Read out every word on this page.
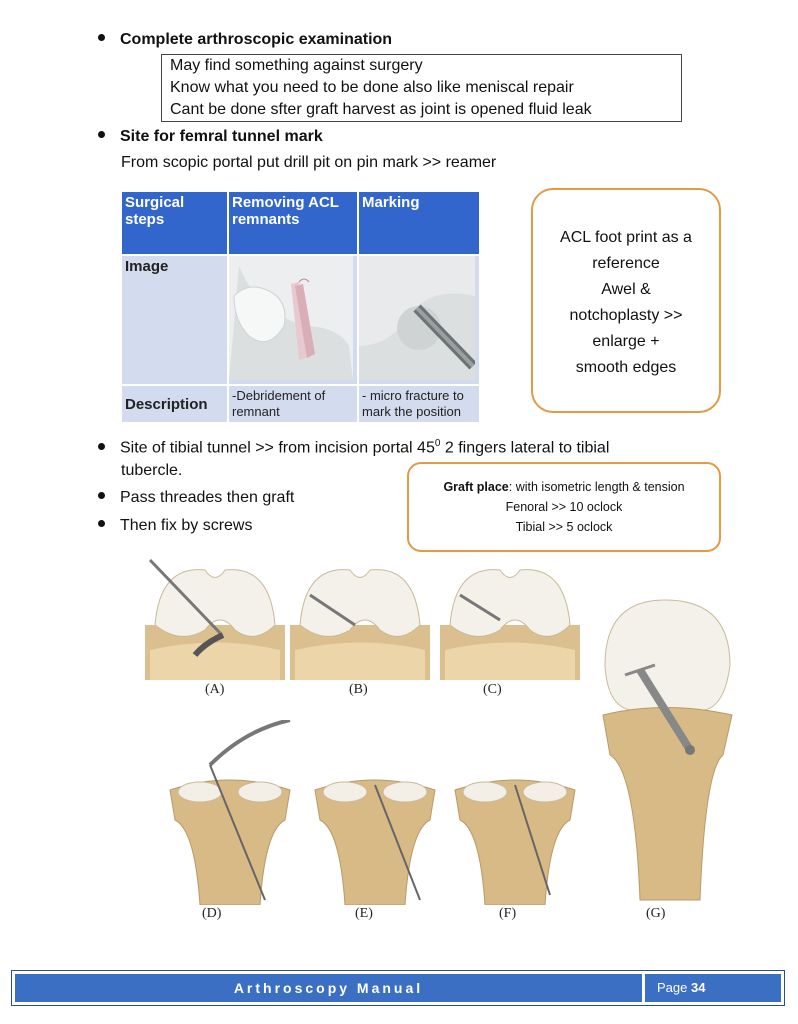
Complete arthroscopic examination
May find something against surgery
Know what you need to be done also like meniscal repair
Cant be done sfter graft harvest as joint is opened fluid leak
Site for femral tunnel mark
From scopic portal put drill pit on pin mark >> reamer
Surgical steps	Removing ACL remnants	Marking
Image		
Description	-Debridement of remnant	- micro fracture to mark the position
ACL foot print as a
reference
Awel &
notchoplasty >>
enlarge +
smooth edges
Site of tibial tunnel >> from incision portal $45^0$ 2 fingers lateral to tibial
tubercle.
Pass threades then graft
Then fix by screws
Graft place: with isometric length & tension
Fenoral >> 10 oclock
Tibial >> 5 oclock
(A)	(B)	(C)
(D)	(E)	(F)	(G)
Arthroscopy Manual	Page 34
